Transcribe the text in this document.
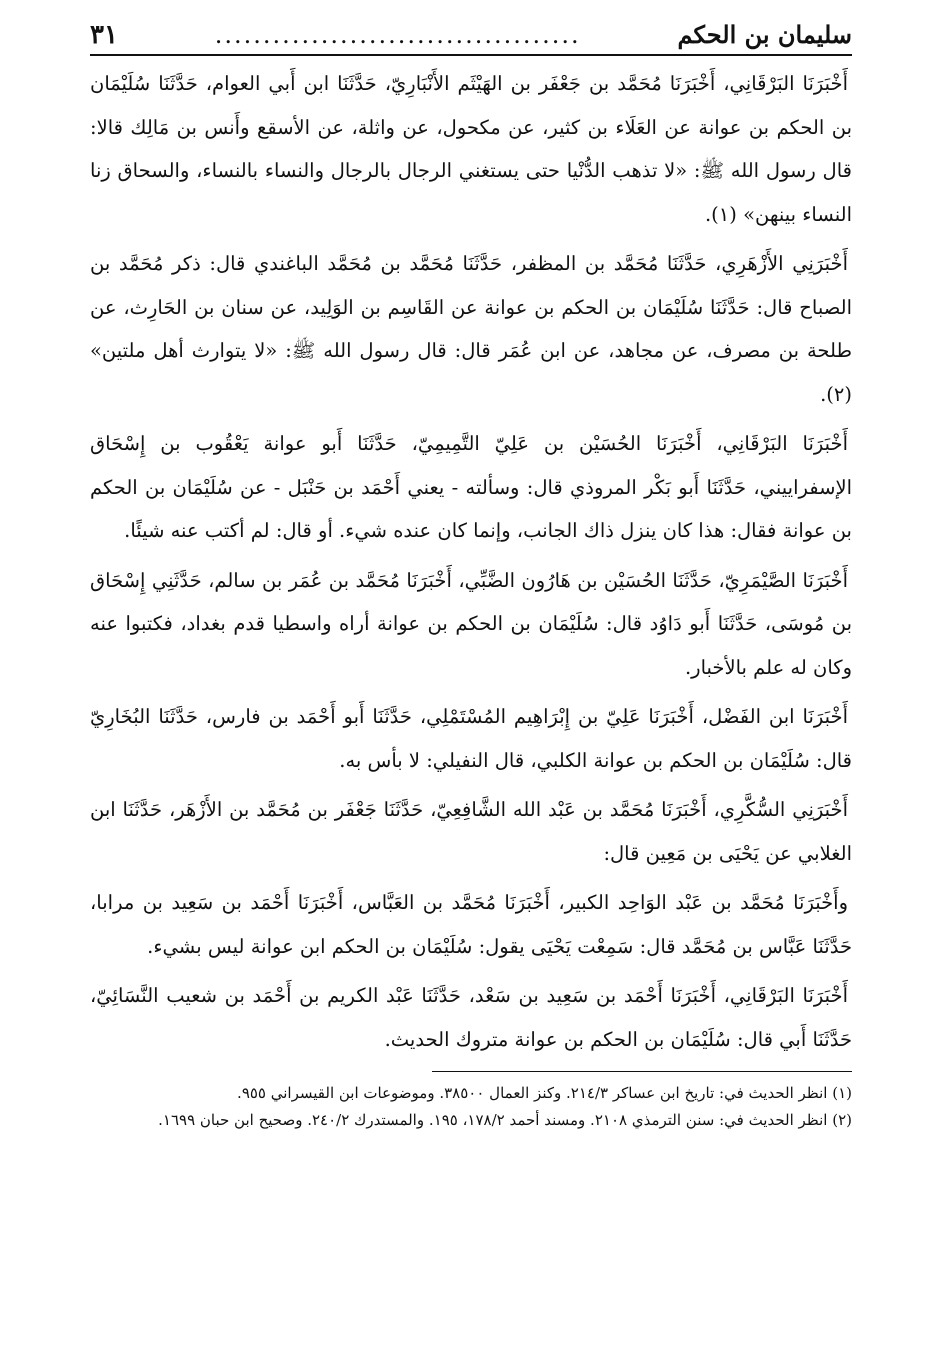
سليمان بن الحكم
......................................
٣١

أَخْبَرَنَا البَرْقَانِي، أَخْبَرَنَا مُحَمَّد بن جَعْفَر بن الهَيْثَم الأَنْبَارِيّ، حَدَّثَنَا ابن أَبي العوام، حَدَّثَنَا سُلَيْمَان بن الحكم بن عوانة عن العَلَاء بن كثير، عن مكحول، عن واثلة، عن الأسقع وأَنس بن مَالِك قالا: قال رسول الله ﷺ: «لا تذهب الدُّنْيا حتى يستغني الرجال بالرجال والنساء بالنساء، والسحاق زنا النساء بينهن» (١).

أَخْبَرَنِي الأَزْهَرِي، حَدَّثَنَا مُحَمَّد بن المظفر، حَدَّثَنَا مُحَمَّد بن مُحَمَّد الباغندي قال: ذكر مُحَمَّد بن الصباح قال: حَدَّثَنَا سُلَيْمَان بن الحكم بن عوانة عن القَاسِم بن الوَلِيد، عن سنان بن الحَارِث، عن طلحة بن مصرف، عن مجاهد، عن ابن عُمَر قال: قال رسول الله ﷺ: «لا يتوارث أهل ملتين» (٢).

أَخْبَرَنَا البَرْقَانِي، أَخْبَرَنَا الحُسَيْن بن عَلِيّ التَّمِيمِيّ، حَدَّثَنَا أَبو عوانة يَعْقُوب بن إِسْحَاق الإسفراييني، حَدَّثَنَا أَبو بَكْر المروذي قال: وسألته - يعني أَحْمَد بن حَنْبَل - عن سُلَيْمَان بن الحكم بن عوانة فقال: هذا كان ينزل ذاك الجانب، وإنما كان عنده شيء. أو قال: لم أكتب عنه شيئًا.

أَخْبَرَنَا الصَّيْمَرِيّ، حَدَّثَنَا الحُسَيْن بن هَارُون الضَّبِّي، أَخْبَرَنَا مُحَمَّد بن عُمَر بن سالم، حَدَّثَنِي إِسْحَاق بن مُوسَى، حَدَّثَنَا أَبو دَاوُد قال: سُلَيْمَان بن الحكم بن عوانة أراه واسطيا قدم بغداد، فكتبوا عنه وكان له علم بالأخبار.

أَخْبَرَنَا ابن الفَضْل، أَخْبَرَنَا عَلِيّ بن إِبْرَاهِيم المُسْتَمْلِي، حَدَّثَنَا أَبو أَحْمَد بن فارس، حَدَّثَنَا البُخَارِيّ قال: سُلَيْمَان بن الحكم بن عوانة الكلبي، قال النفيلي: لا بأس به.

أَخْبَرَنِي السُّكَّرِي، أَخْبَرَنَا مُحَمَّد بن عَبْد الله الشَّافِعِيّ، حَدَّثَنَا جَعْفَر بن مُحَمَّد بن الأَزْهَر، حَدَّثَنَا ابن الغلابي عن يَحْيَى بن مَعِين قال:

وأَخْبَرَنَا مُحَمَّد بن عَبْد الوَاحِد الكبير، أَخْبَرَنَا مُحَمَّد بن العَبَّاس، أَخْبَرَنَا أَحْمَد بن سَعِيد بن مرابا، حَدَّثَنَا عَبَّاس بن مُحَمَّد قال: سَمِعْت يَحْيَى يقول: سُلَيْمَان بن الحكم ابن عوانة ليس بشيء.

أَخْبَرَنَا البَرْقَانِي، أَخْبَرَنَا أَحْمَد بن سَعِيد بن سَعْد، حَدَّثَنَا عَبْد الكريم بن أَحْمَد بن شعيب النَّسَائِيّ، حَدَّثَنَا أَبي قال: سُلَيْمَان بن الحكم بن عوانة متروك الحديث.

(١) انظر الحديث في: تاريخ ابن عساكر ٢١٤/٣. وكنز العمال ٣٨٥٠٠. وموضوعات ابن القيسراني ٩٥٥.

(٢) انظر الحديث في: سنن الترمذي ٢١٠٨. ومسند أحمد ١٧٨/٢، ١٩٥. والمستدرك ٢٤٠/٢. وصحيح ابن حبان ١٦٩٩.
